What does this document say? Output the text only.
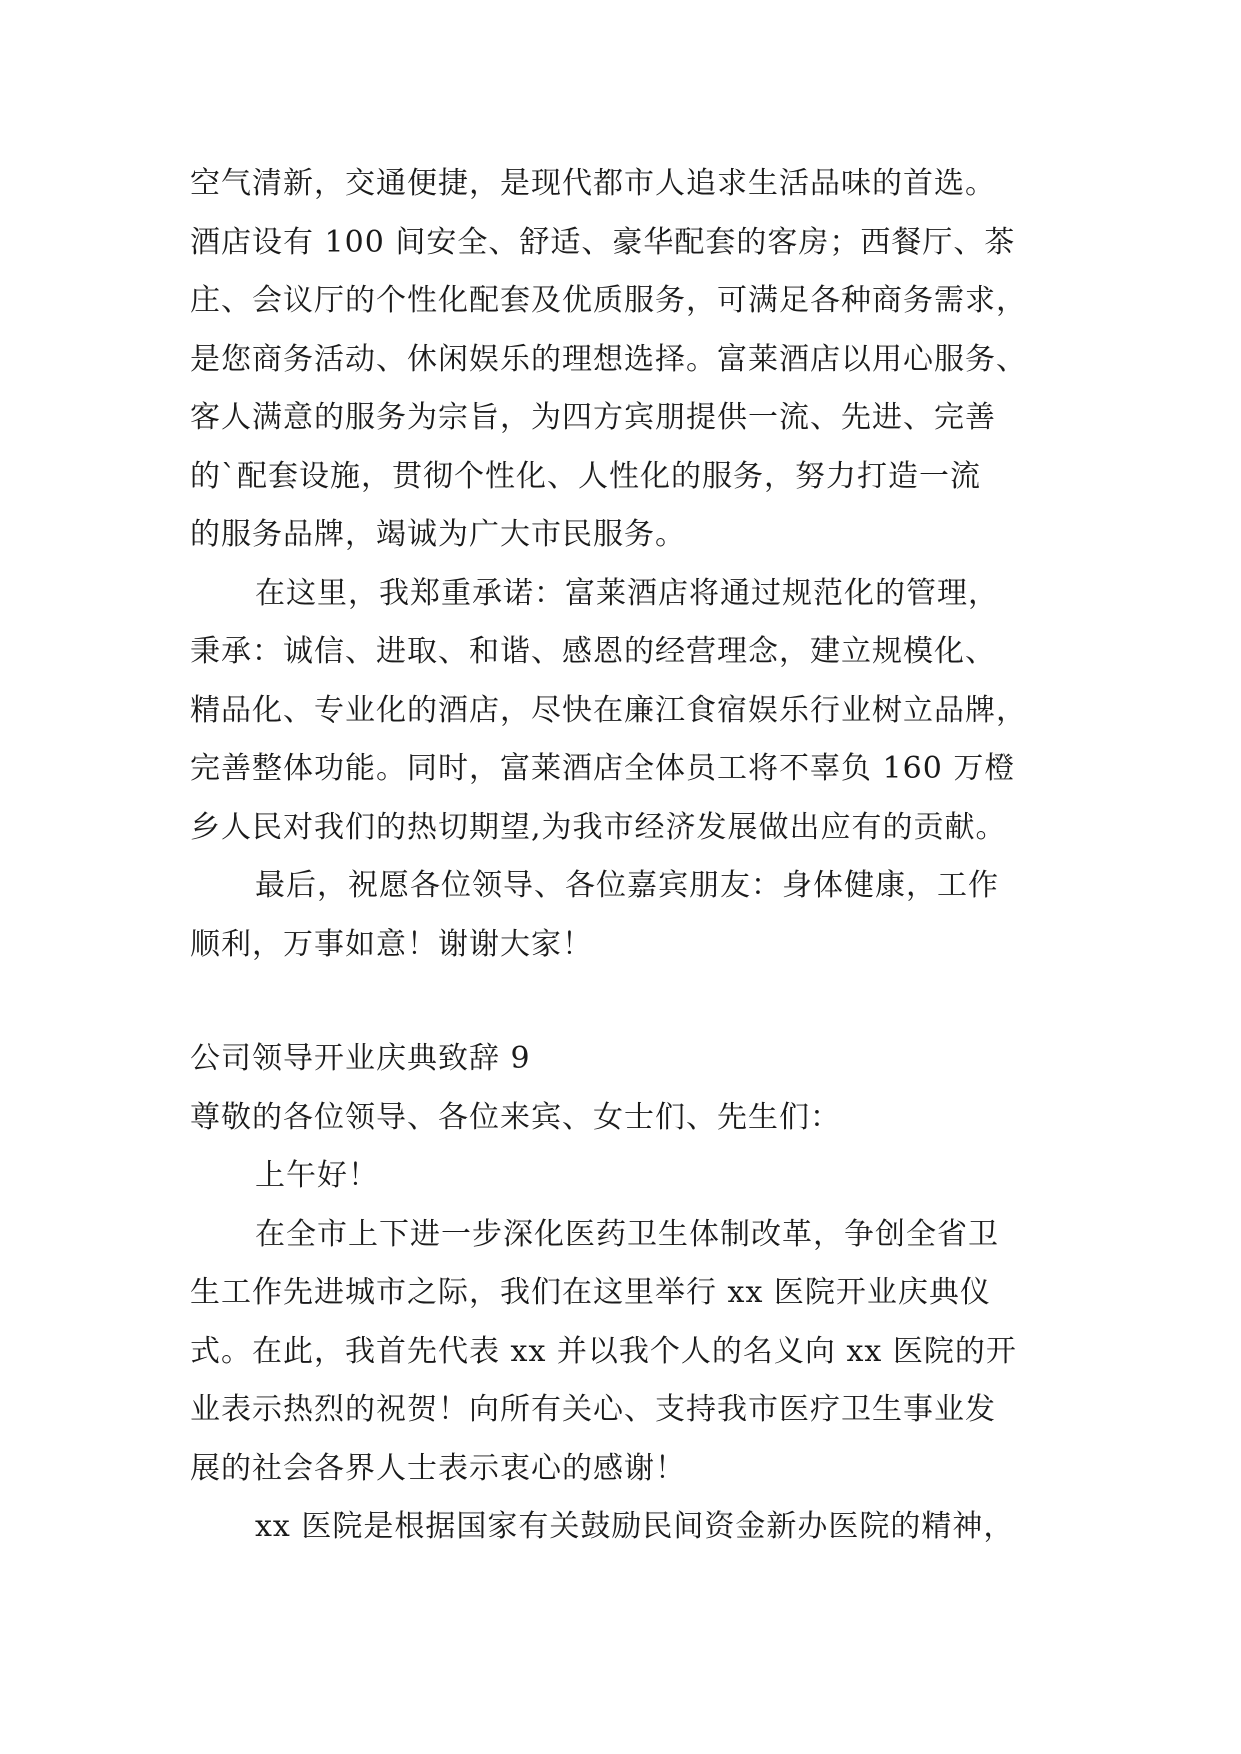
空气清新，交通便捷，是现代都市人追求生活品味的首选。
酒店设有 100 间安全、舒适、豪华配套的客房；西餐厅、茶
庄、会议厅的个性化配套及优质服务，可满足各种商务需求，
是您商务活动、休闲娱乐的理想选择。富莱酒店以用心服务、
客人满意的服务为宗旨，为四方宾朋提供一流、先进、完善
的`配套设施，贯彻个性化、人性化的服务，努力打造一流
的服务品牌，竭诚为广大市民服务。
在这里，我郑重承诺：富莱酒店将通过规范化的管理，
秉承：诚信、进取、和谐、感恩的经营理念，建立规模化、
精品化、专业化的酒店，尽快在廉江食宿娱乐行业树立品牌，
完善整体功能。同时，富莱酒店全体员工将不辜负 160 万橙
乡人民对我们的热切期望,为我市经济发展做出应有的贡献。
最后，祝愿各位领导、各位嘉宾朋友：身体健康，工作
顺利，万事如意！谢谢大家！
公司领导开业庆典致辞 9
尊敬的各位领导、各位来宾、女士们、先生们：
上午好！
在全市上下进一步深化医药卫生体制改革，争创全省卫
生工作先进城市之际，我们在这里举行 xx 医院开业庆典仪
式。在此，我首先代表 xx 并以我个人的名义向 xx 医院的开
业表示热烈的祝贺！向所有关心、支持我市医疗卫生事业发
展的社会各界人士表示衷心的感谢！
xx 医院是根据国家有关鼓励民间资金新办医院的精神，
